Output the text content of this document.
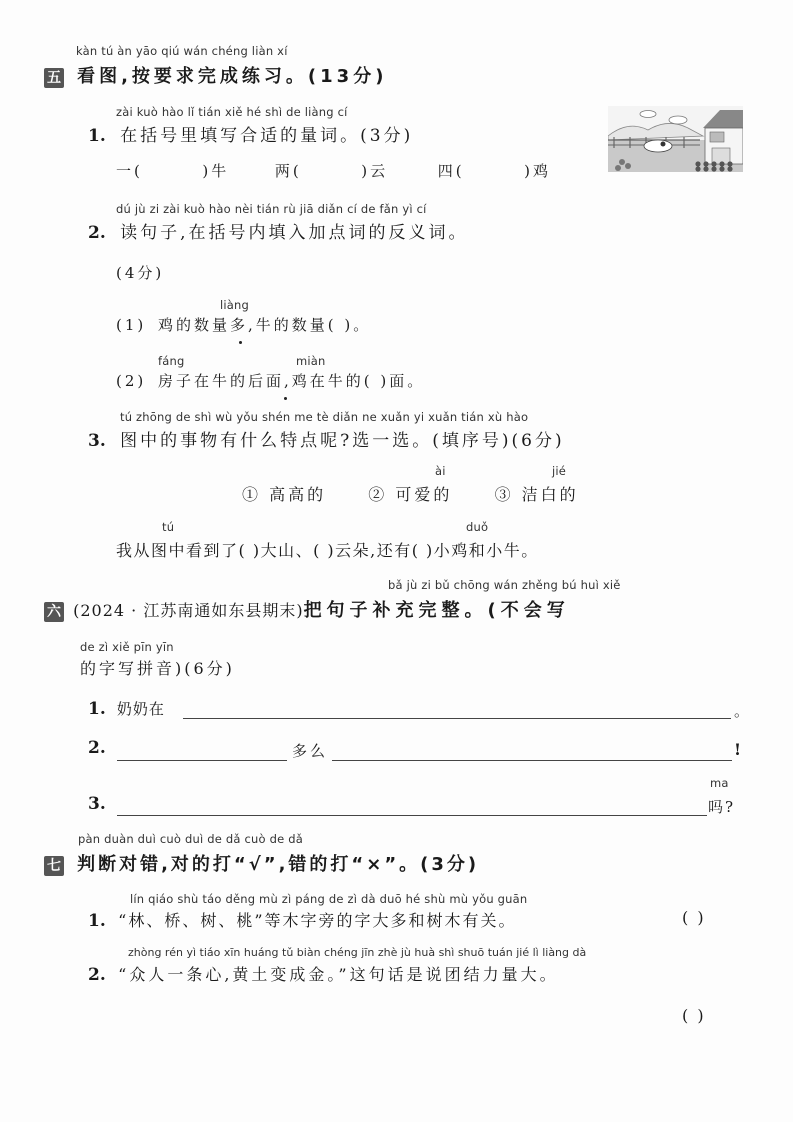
kàn tú àn yāo qiú wán chéng liàn xí
五 看图,按要求完成练习。(13分)
zài kuò hào lǐ tián xiě hé shì de liàng cí
1. 在括号里填写合适的量词。(3分)
一(	)牛	两(	)云	四(	)鸡
dú jù zi zài kuò hào nèi tián rù jiā diǎn cí de fǎn yì cí
2. 读句子,在括号内填入加点词的反义词。
(4分)
liàng
(1) 鸡的数量多,牛的数量( )。
fáng	miàn
(2) 房子在牛的后面,鸡在牛的( )面。
tú zhōng de shì wù yǒu shén me tè diǎn ne xuǎn yi xuǎn tián xù hào
3. 图中的事物有什么特点呢?选一选。(填序号)(6分)
ài	jié
① 高高的	② 可爱的	③ 洁白的
tú	duǒ
我从图中看到了( )大山、( )云朵,还有( )小鸡和小牛。
bǎ jù zi bǔ chōng wán zhěng bú huì xiě
六 (2024 · 江苏南通如东县期末)把句子补充完整。(不会写
de zì xiě pīn yīn
的字写拼音)(6分)
1. 奶奶在	。
2.	多么	!
ma
3.	吗?
pàn duàn duì cuò duì de dǎ cuò de dǎ
七 判断对错,对的打“√”,错的打“×”。(3分)
lín qiáo shù táo děng mù zì páng de zì dà duō hé shù mù yǒu guān
1. “林、桥、树、桃”等木字旁的字大多和树木有关。	( )
zhòng rén yì tiáo xīn huáng tǔ biàn chéng jīn zhè jù huà shì shuō tuán jié lì liàng dà
2. “众人一条心,黄土变成金。”这句话是说团结力量大。
( )
